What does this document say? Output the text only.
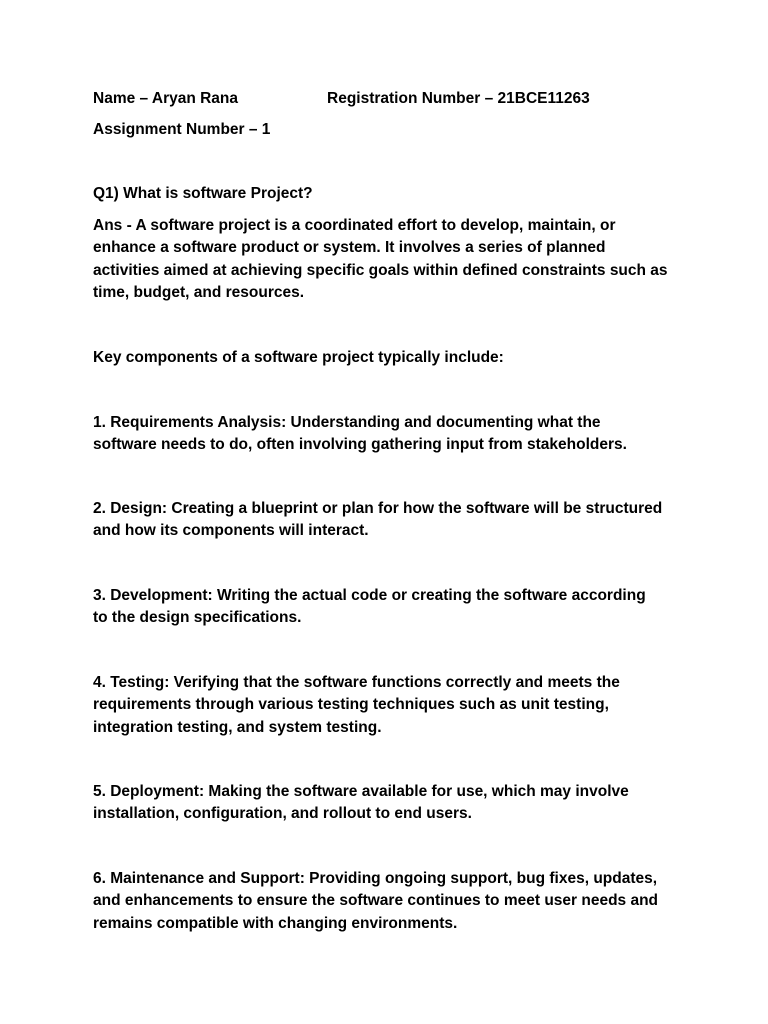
Name – Aryan Rana	Registration Number – 21BCE11263
Assignment Number – 1
Q1) What is software Project?
Ans - A software project is a coordinated effort to develop, maintain, or
enhance a software product or system. It involves a series of planned
activities aimed at achieving specific goals within defined constraints such as
time, budget, and resources.
Key components of a software project typically include:
1. Requirements Analysis: Understanding and documenting what the
software needs to do, often involving gathering input from stakeholders.
2. Design: Creating a blueprint or plan for how the software will be structured
and how its components will interact.
3. Development: Writing the actual code or creating the software according
to the design specifications.
4. Testing: Verifying that the software functions correctly and meets the
requirements through various testing techniques such as unit testing,
integration testing, and system testing.
5. Deployment: Making the software available for use, which may involve
installation, configuration, and rollout to end users.
6. Maintenance and Support: Providing ongoing support, bug fixes, updates,
and enhancements to ensure the software continues to meet user needs and
remains compatible with changing environments.
